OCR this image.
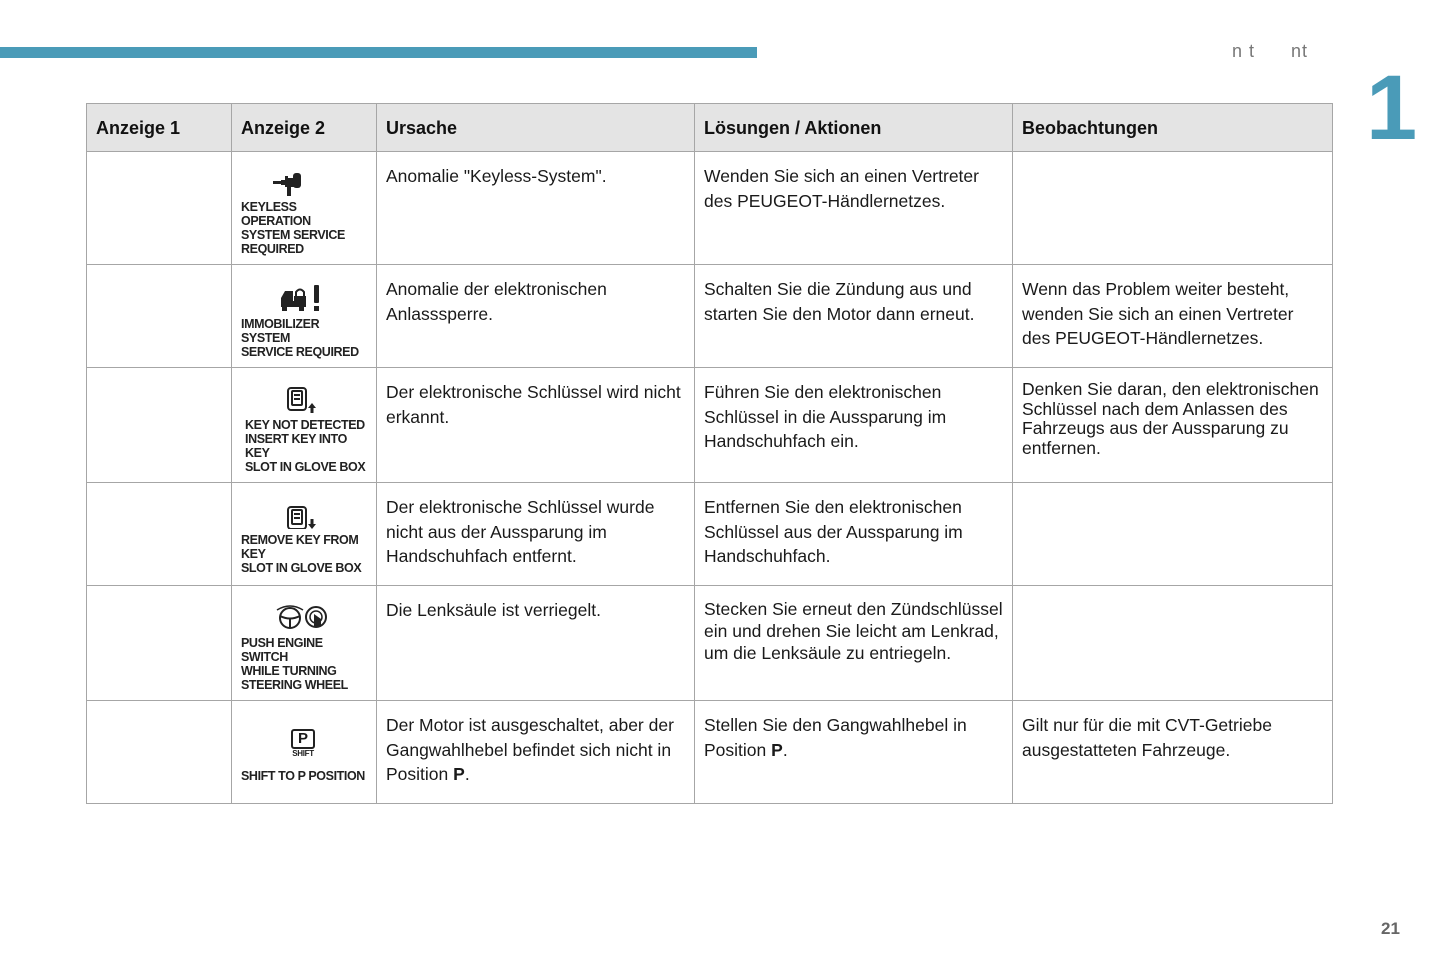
n t      nt
1
Anzeige 1	Anzeige 2	Ursache	Lösungen / Aktionen	Beobachtungen

	KEYLESS OPERATION
SYSTEM SERVICE
REQUIRED	Anomalie "Keyless-System".	Wenden Sie sich an einen Vertreter des PEUGEOT-Händlernetzes.	

	IMMOBILIZER SYSTEM
SERVICE REQUIRED	Anomalie der elektronischen Anlasssperre.	Schalten Sie die Zündung aus und starten Sie den Motor dann erneut.	Wenn das Problem weiter besteht, wenden Sie sich an einen Vertreter des PEUGEOT-Händlernetzes.

	KEY NOT DETECTED
INSERT KEY INTO KEY
SLOT IN GLOVE BOX	Der elektronische Schlüssel wird nicht erkannt.	Führen Sie den elektronischen Schlüssel in die Aussparung im Handschuhfach ein.	Denken Sie daran, den elektronischen Schlüssel nach dem Anlassen des Fahrzeugs aus der Aussparung zu entfernen.

	REMOVE KEY FROM KEY
SLOT IN GLOVE BOX	Der elektronische Schlüssel wurde nicht aus der Aussparung im Handschuhfach entfernt.	Entfernen Sie den elektronischen Schlüssel aus der Aussparung im Handschuhfach.	

	PUSH ENGINE SWITCH
WHILE TURNING
STEERING WHEEL	Die Lenksäule ist verriegelt.	Stecken Sie erneut den Zündschlüssel ein und drehen Sie leicht am Lenkrad, um die Lenksäule zu entriegeln.	

	P
SHIFT
SHIFT TO P POSITION	Der Motor ist ausgeschaltet, aber der Gangwahlhebel befindet sich nicht in Position P.	Stellen Sie den Gangwahlhebel in Position P.	Gilt nur für die mit CVT-Getriebe ausgestatteten Fahrzeuge.
21
